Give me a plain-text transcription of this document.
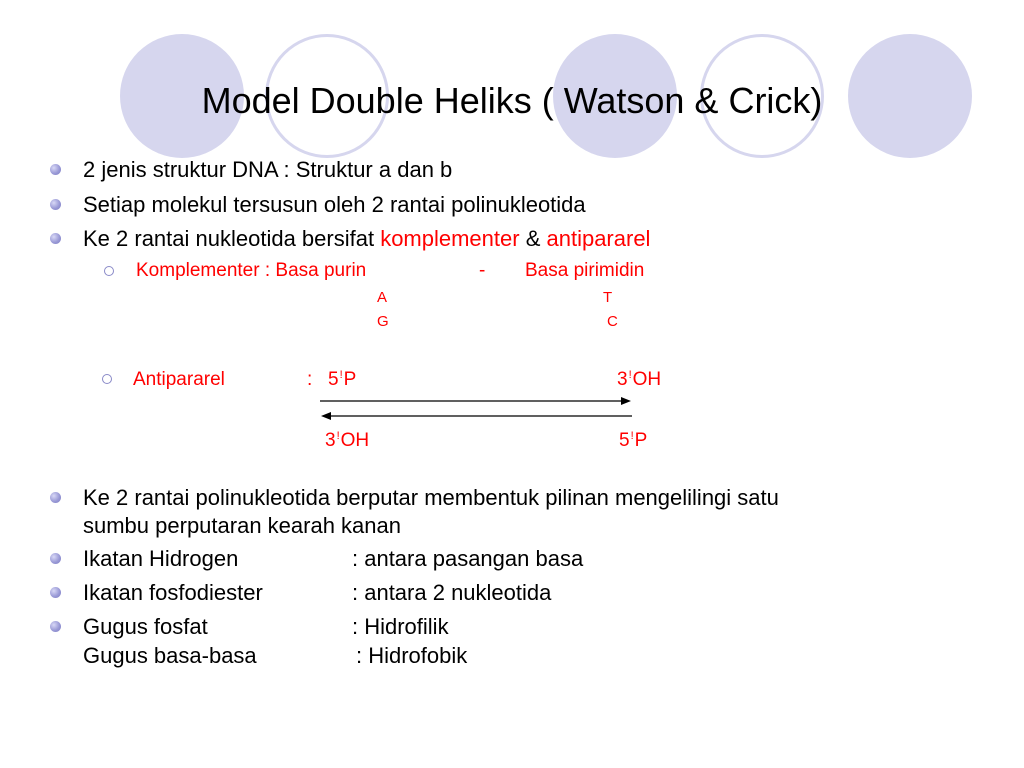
Model Double Heliks ( Watson & Crick)
2 jenis struktur DNA : Struktur a dan b
Setiap molekul tersusun oleh 2 rantai polinukleotida
Ke 2 rantai nukleotida bersifat komplementer & antipararel
Komplementer : Basa purin	- Basa pirimidin
A	T
G	C
Antipararel	: 5!P	3!OH
3!OH	5!P
Ke 2 rantai polinukleotida berputar membentuk pilinan mengelilingi satu
sumbu perputaran kearah kanan
Ikatan Hidrogen	: antara pasangan basa
Ikatan fosfodiester	: antara 2 nukleotida
Gugus fosfat	: Hidrofilik
Gugus basa-basa	: Hidrofobik
